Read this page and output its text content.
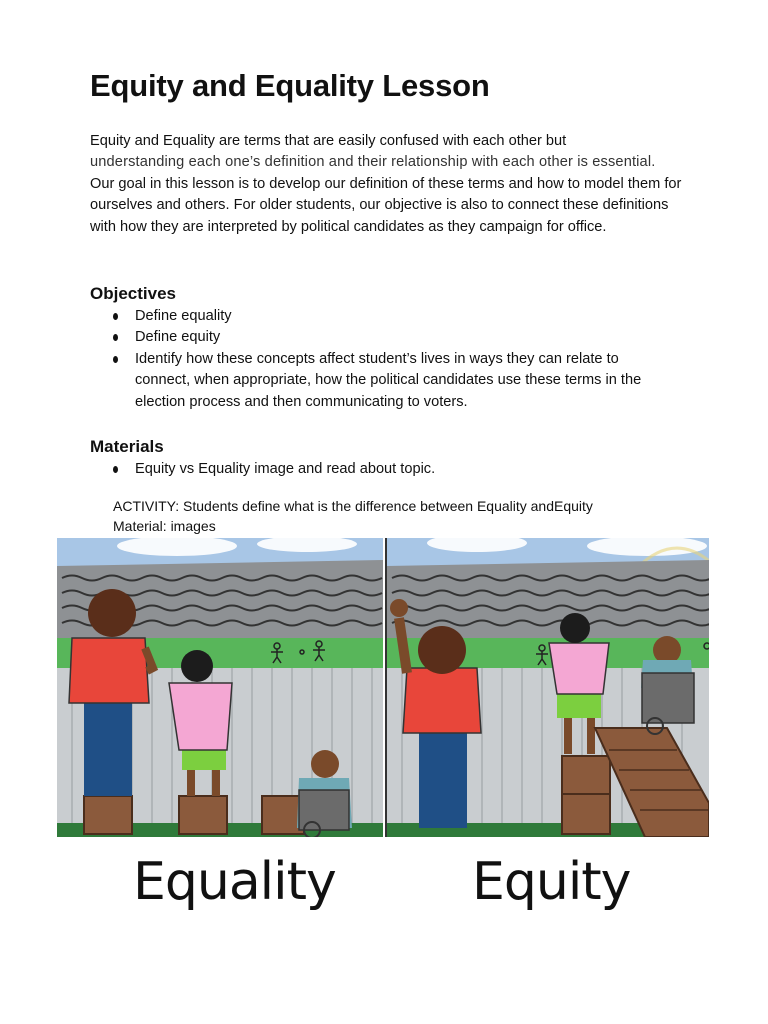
Equity and Equality Lesson
Equity and Equality are terms that are easily confused with each other but
understanding each one’s definition and their relationship with each other is essential.
Our goal in this lesson is to develop our definition of these terms and how to model them for ourselves and others. For older students, our objective is also to connect these definitions with how they are interpreted by political candidates as they campaign for office.
Objectives
Define equality
Define equity
Identify how these concepts affect student’s lives in ways they can relate to connect, when appropriate, how the political candidates use these terms in the election process and then communicating to voters.
Materials
Equity vs Equality image and read about topic.
ACTIVITY: Students define what is the difference between Equality andEquity
Material: images
Equality	Equity
